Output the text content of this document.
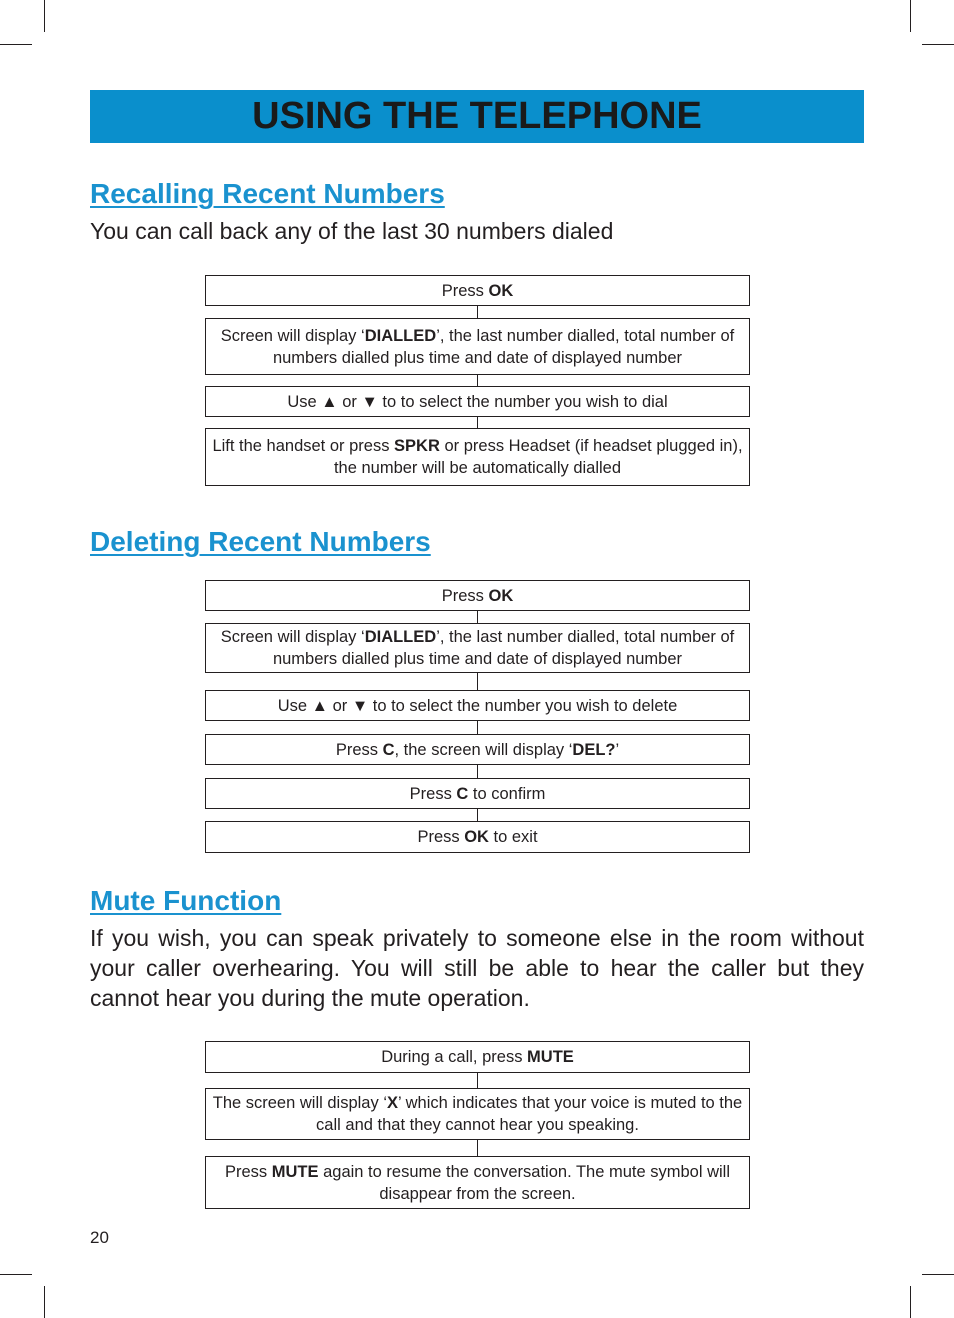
USING THE TELEPHONE
Recalling Recent Numbers

You can call back any of the last 30 numbers dialed

Press OK
Screen will display ‘DIALLED’, the last number dialled, total number of numbers dialled plus time and date of displayed number
Use ▲ or ▼ to to select the number you wish to dial
Lift the handset or press SPKR or press Headset (if headset plugged in), the number will be automatically dialled
Deleting Recent Numbers
Press OK
Screen will display ‘DIALLED’, the last number dialled, total number of numbers dialled plus time and date of displayed number
Use ▲ or ▼ to to select the number you wish to delete
Press C, the screen will display ‘DEL?’
Press C to confirm
Press OK to exit
Mute Function

If you wish, you can speak privately to someone else in the room without your caller overhearing. You will still be able to hear the caller but they cannot hear you during the mute operation.

During a call, press MUTE
The screen will display ‘X’ which indicates that your voice is muted to the call and that they cannot hear you speaking.
Press MUTE again to resume the conversation. The mute symbol will disappear from the screen.
20
